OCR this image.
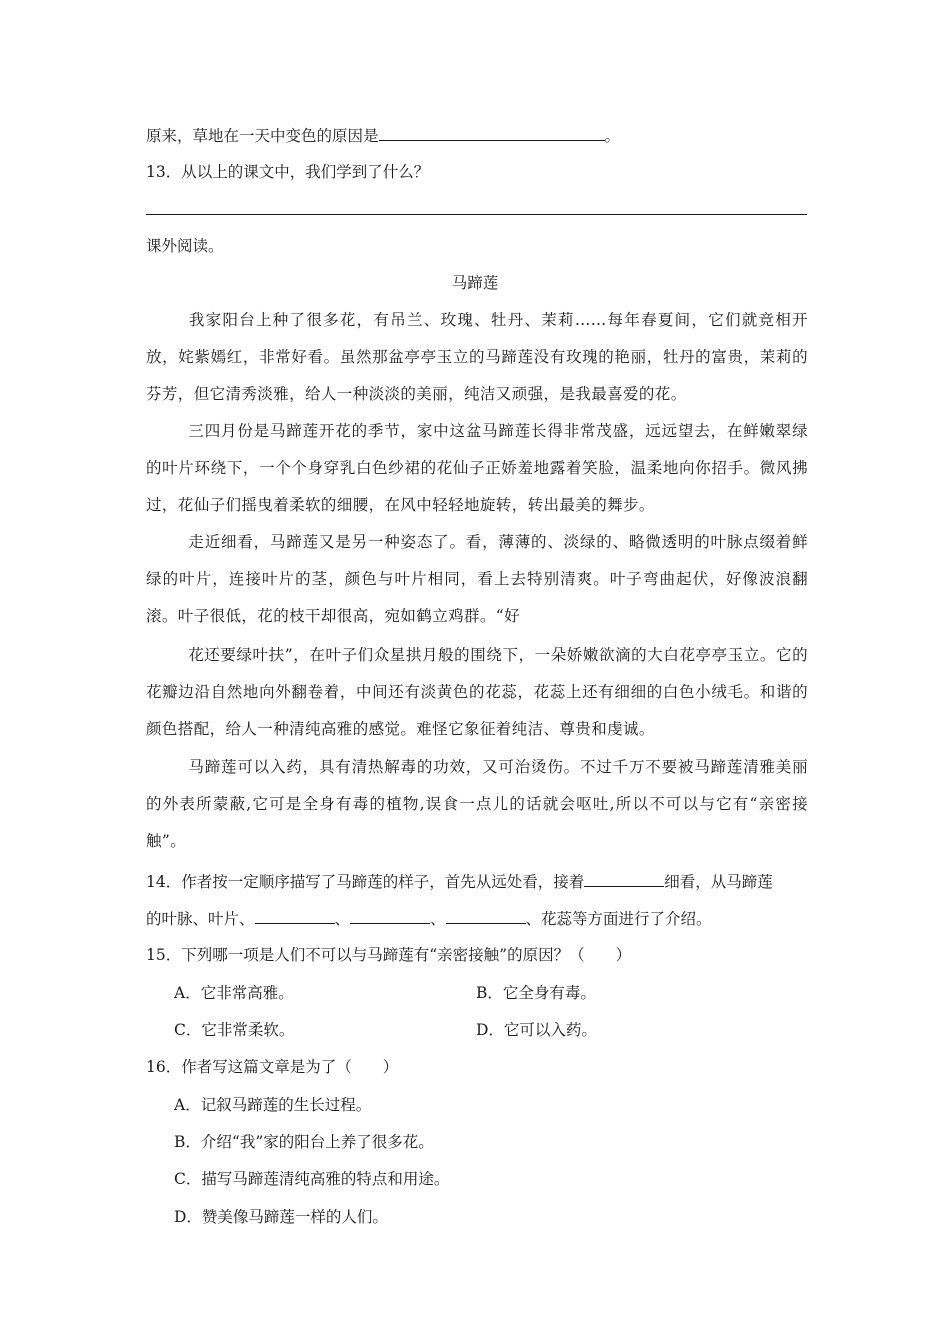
原来，草地在一天中变色的原因是	。
13．从以上的课文中，我们学到了什么？
课外阅读。
马蹄莲
我家阳台上种了很多花，有吊兰、玫瑰、牡丹、茉莉……每年春夏间，它们就竞相开放，姹紫嫣红，非常好看。虽然那盆亭亭玉立的马蹄莲没有玫瑰的艳丽，牡丹的富贵，茉莉的芬芳，但它清秀淡雅，给人一种淡淡的美丽，纯洁又顽强，是我最喜爱的花。
三四月份是马蹄莲开花的季节，家中这盆马蹄莲长得非常茂盛，远远望去，在鲜嫩翠绿的叶片环绕下，一个个身穿乳白色纱裙的花仙子正娇羞地露着笑脸，温柔地向你招手。微风拂过，花仙子们摇曳着柔软的细腰，在风中轻轻地旋转，转出最美的舞步。
走近细看，马蹄莲又是另一种姿态了。看，薄薄的、淡绿的、略微透明的叶脉点缀着鲜绿的叶片，连接叶片的茎，颜色与叶片相同，看上去特别清爽。叶子弯曲起伏，好像波浪翻滚。叶子很低，花的枝干却很高，宛如鹤立鸡群。“好
花还要绿叶扶”，在叶子们众星拱月般的围绕下，一朵娇嫩欲滴的大白花亭亭玉立。它的花瓣边沿自然地向外翻卷着，中间还有淡黄色的花蕊，花蕊上还有细细的白色小绒毛。和谐的颜色搭配，给人一种清纯高雅的感觉。难怪它象征着纯洁、尊贵和虔诚。
马蹄莲可以入药，具有清热解毒的功效，又可治烫伤。不过千万不要被马蹄莲清雅美丽的外表所蒙蔽,它可是全身有毒的植物,误食一点儿的话就会呕吐,所以不可以与它有“亲密接触”。
14．作者按一定顺序描写了马蹄莲的样子，首先从远处看，接着	细看，从马蹄莲
的叶脉、叶片、	、	、	、花蕊等方面进行了介绍。
15．下列哪一项是人们不可以与马蹄莲有“亲密接触”的原因？（　　）
A．它非常高雅。	B．它全身有毒。
C．它非常柔软。	D．它可以入药。
16．作者写这篇文章是为了（　　）
A．记叙马蹄莲的生长过程。
B．介绍“我”家的阳台上养了很多花。
C．描写马蹄莲清纯高雅的特点和用途。
D．赞美像马蹄莲一样的人们。
